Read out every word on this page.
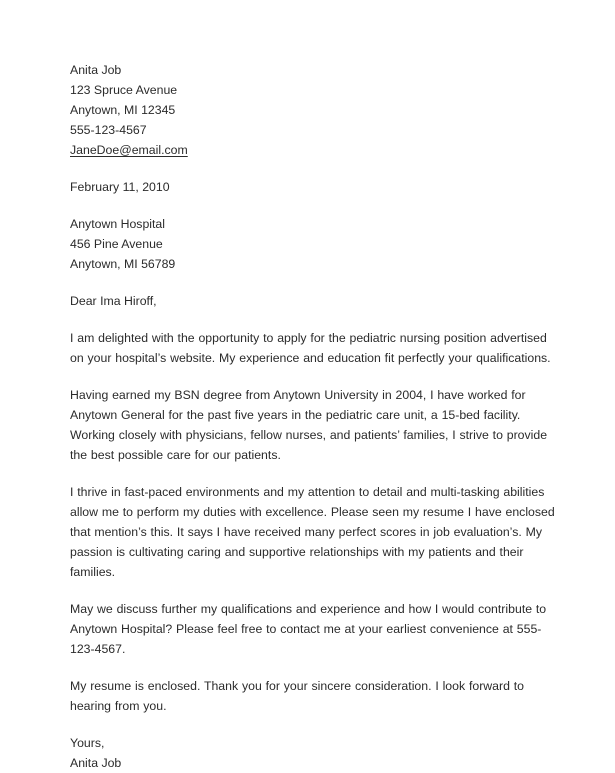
Anita Job
123 Spruce Avenue
Anytown, MI 12345
555-123-4567
JaneDoe@email.com
February 11, 2010
Anytown Hospital
456 Pine Avenue
Anytown, MI 56789
Dear Ima Hiroff,

I am delighted with the opportunity to apply for the pediatric nursing position advertised on your hospital’s website. My experience and education fit perfectly your qualifications.

Having earned my BSN degree from Anytown University in 2004, I have worked for Anytown General for the past five years in the pediatric care unit, a 15-bed facility. Working closely with physicians, fellow nurses, and patients’ families, I strive to provide the best possible care for our patients.

I thrive in fast-paced environments and my attention to detail and multi-tasking abilities allow me to perform my duties with excellence. Please seen my resume I have enclosed that mention’s this. It says I have received many perfect scores in job evaluation’s. My passion is cultivating caring and supportive relationships with my patients and their families.

May we discuss further my qualifications and experience and how I would contribute to Anytown Hospital? Please feel free to contact me at your earliest convenience at 555-123-4567.

My resume is enclosed. Thank you for your sincere consideration. I look forward to hearing from you.

Yours,
Anita Job
